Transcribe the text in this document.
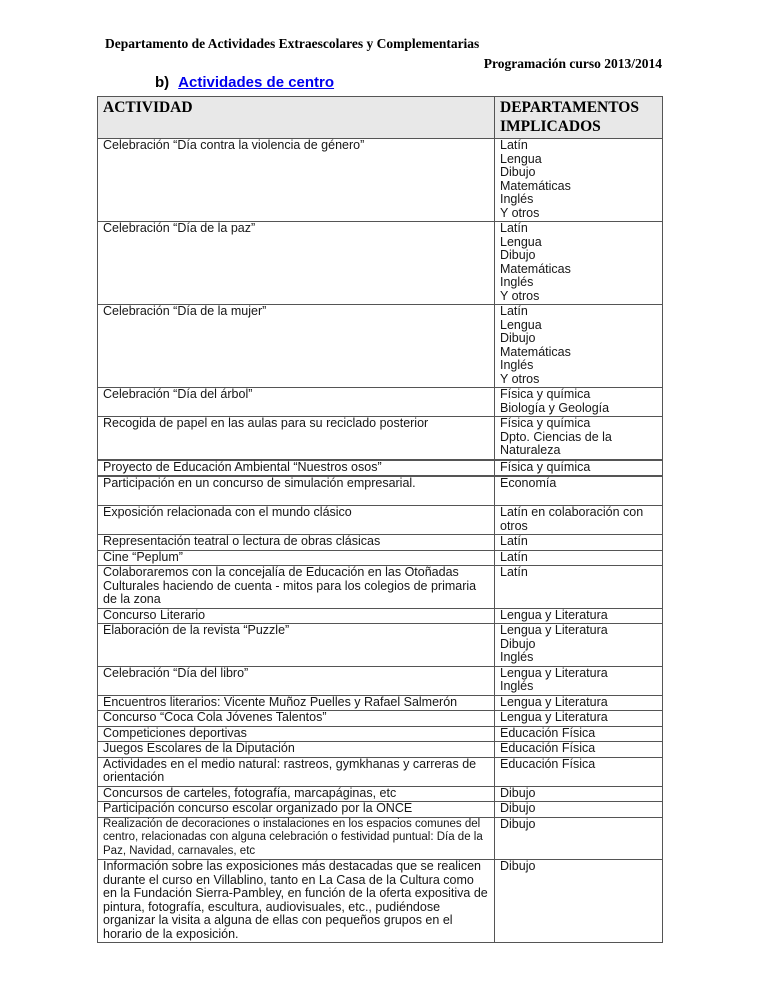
Departamento de Actividades Extraescolares y Complementarias
Programación curso 2013/2014
b) Actividades de centro
ACTIVIDAD	DEPARTAMENTOS IMPLICADOS
Celebración “Día contra la violencia de género”	Latín
Lengua
Dibujo
Matemáticas
Inglés
Y otros

Celebración “Día de la paz”	Latín
Lengua
Dibujo
Matemáticas
Inglés
Y otros

Celebración “Día de la mujer”	Latín
Lengua
Dibujo
Matemáticas
Inglés
Y otros

Celebración “Día del árbol”	Física y química
Biología y Geología

Recogida de papel en las aulas para su reciclado posterior	Física y química
Dpto. Ciencias de la Naturaleza

Proyecto de Educación Ambiental “Nuestros osos”	Física y química

Participación en un concurso de simulación empresarial.	Economía

Exposición relacionada con el mundo clásico	Latín en colaboración con otros

Representación teatral o lectura de obras clásicas	Latín

Cine “Peplum”	Latín

Colaboraremos con la concejalía de Educación en las Otoñadas Culturales haciendo de cuenta - mitos para los colegios de primaria de la zona	Latín

Concurso Literario	Lengua y Literatura

Elaboración de la revista “Puzzle”	Lengua y Literatura
Dibujo
Inglés

Celebración “Día del libro”	Lengua y Literatura
Inglés

Encuentros literarios: Vicente Muñoz Puelles y Rafael Salmerón	Lengua y Literatura

Concurso “Coca Cola Jóvenes Talentos”	Lengua y Literatura

Competiciones deportivas	Educación Física

Juegos Escolares de la Diputación	Educación Física

Actividades en el medio natural: rastreos, gymkhanas y carreras de orientación	Educación Física

Concursos de carteles, fotografía, marcapáginas, etc	Dibujo

Participación concurso escolar organizado por la ONCE	Dibujo

Realización de decoraciones o instalaciones en los espacios comunes del centro, relacionadas con alguna celebración o festividad puntual: Día de la Paz, Navidad, carnavales, etc	Dibujo

Información sobre las exposiciones más destacadas que se realicen durante el curso en Villablino, tanto en La Casa de la Cultura como en la Fundación Sierra-Pambley, en función de la oferta expositiva de pintura, fotografía, escultura, audiovisuales, etc., pudiéndose organizar la visita a alguna de ellas con pequeños grupos en el horario de la exposición.	Dibujo
